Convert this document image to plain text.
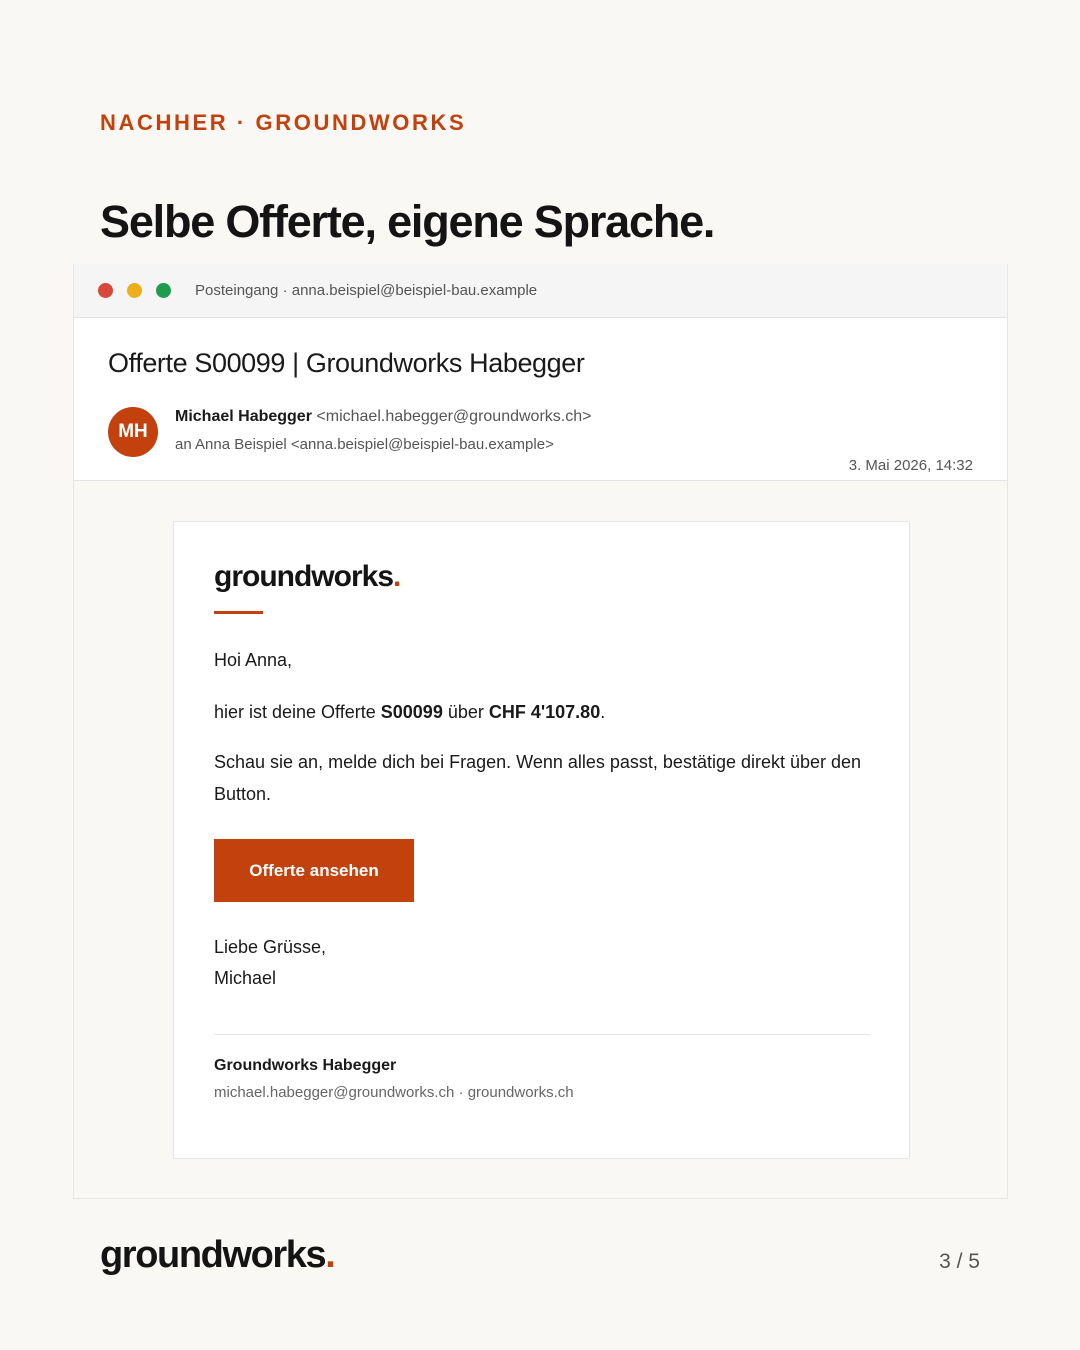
NACHHER · GROUNDWORKS
Selbe Offerte, eigene Sprache.
Posteingang · anna.beispiel@beispiel-bau.example
Offerte S00099 | Groundworks Habegger
MH
Michael Habegger <michael.habegger@groundworks.ch>
an Anna Beispiel <anna.beispiel@beispiel-bau.example>
3. Mai 2026, 14:32
groundworks.
Hoi Anna,
hier ist deine Offerte S00099 über CHF 4'107.80.
Schau sie an, melde dich bei Fragen. Wenn alles passt, bestätige direkt über den Button.
Offerte ansehen
Liebe Grüsse,
Michael
Groundworks Habegger
michael.habegger@groundworks.ch · groundworks.ch
groundworks.	3 / 5
